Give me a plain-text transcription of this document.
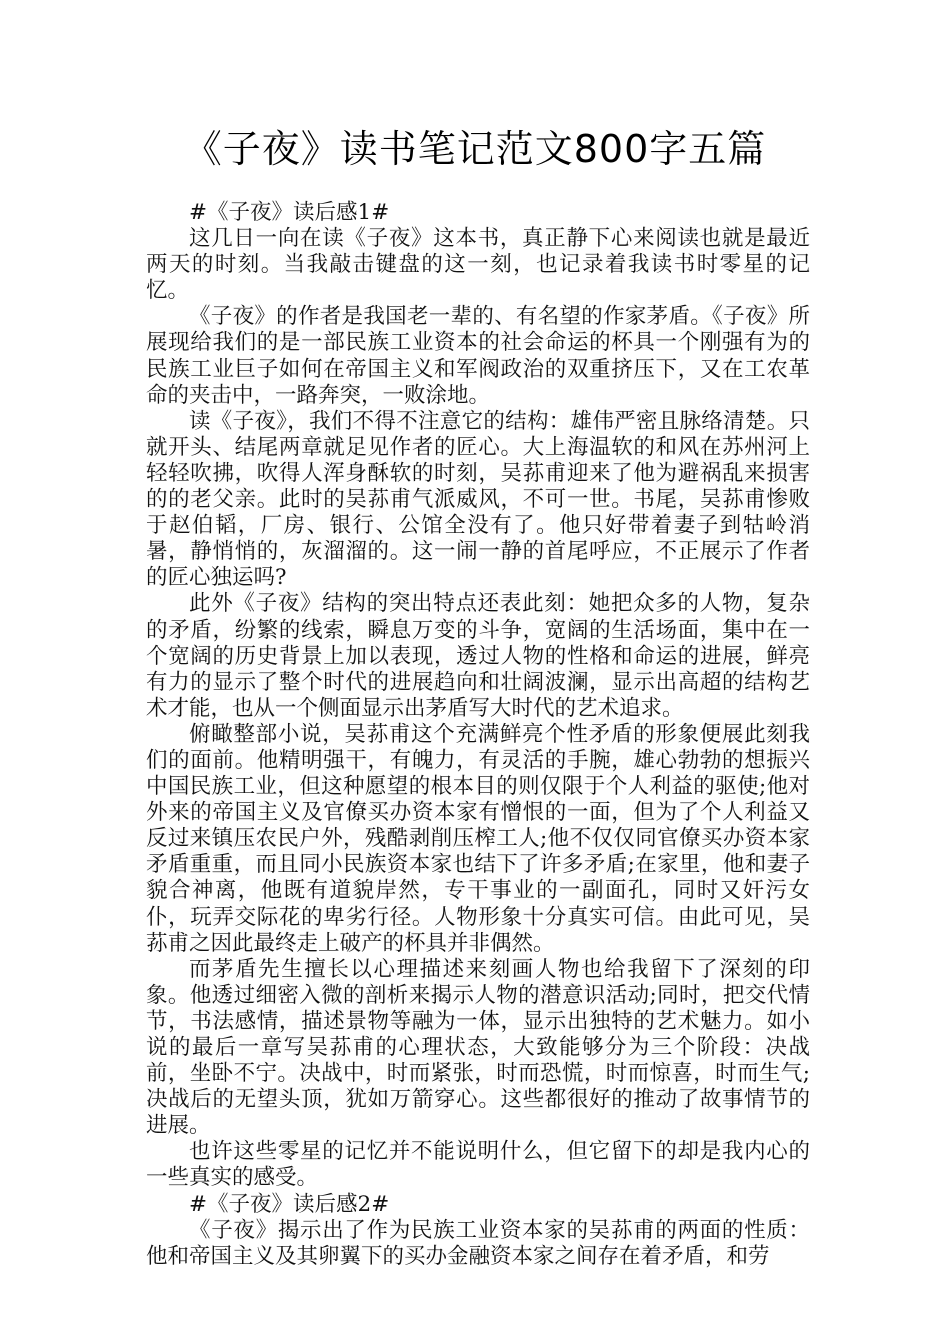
《子夜》读书笔记范文800字五篇

#《子夜》读后感1#

这几日一向在读《子夜》这本书，真正静下心来阅读也就是最近两天的时刻。当我敲击键盘的这一刻，也记录着我读书时零星的记忆。

《子夜》的作者是我国老一辈的、有名望的作家茅盾。《子夜》所展现给我们的是一部民族工业资本的社会命运的杯具一个刚强有为的民族工业巨子如何在帝国主义和军阀政治的双重挤压下，又在工农革命的夹击中，一路奔突，一败涂地。

读《子夜》，我们不得不注意它的结构：雄伟严密且脉络清楚。只就开头、结尾两章就足见作者的匠心。大上海温软的和风在苏州河上轻轻吹拂，吹得人浑身酥软的时刻，吴荪甫迎来了他为避祸乱来损害的的老父亲。此时的吴荪甫气派威风，不可一世。书尾，吴荪甫惨败于赵伯韬，厂房、银行、公馆全没有了。他只好带着妻子到牯岭消暑，静悄悄的，灰溜溜的。这一闹一静的首尾呼应，不正展示了作者的匠心独运吗?

此外《子夜》结构的突出特点还表此刻：她把众多的人物，复杂的矛盾，纷繁的线索，瞬息万变的斗争，宽阔的生活场面，集中在一个宽阔的历史背景上加以表现，透过人物的性格和命运的进展，鲜亮有力的显示了整个时代的进展趋向和壮阔波澜，显示出高超的结构艺术才能，也从一个侧面显示出茅盾写大时代的艺术追求。

俯瞰整部小说，吴荪甫这个充满鲜亮个性矛盾的形象便展此刻我们的面前。他精明强干，有魄力，有灵活的手腕，雄心勃勃的想振兴中国民族工业，但这种愿望的根本目的则仅限于个人利益的驱使;他对外来的帝国主义及官僚买办资本家有憎恨的一面，但为了个人利益又反过来镇压农民户外，残酷剥削压榨工人;他不仅仅同官僚买办资本家矛盾重重，而且同小民族资本家也结下了许多矛盾;在家里，他和妻子貌合神离，他既有道貌岸然，专干事业的一副面孔，同时又奸污女仆，玩弄交际花的卑劣行径。人物形象十分真实可信。由此可见，吴荪甫之因此最终走上破产的杯具并非偶然。

而茅盾先生擅长以心理描述来刻画人物也给我留下了深刻的印象。他透过细密入微的剖析来揭示人物的潜意识活动;同时，把交代情节，书法感情，描述景物等融为一体，显示出独特的艺术魅力。如小说的最后一章写吴荪甫的心理状态，大致能够分为三个阶段：决战前，坐卧不宁。决战中，时而紧张，时而恐慌，时而惊喜，时而生气;决战后的无望头顶，犹如万箭穿心。这些都很好的推动了故事情节的进展。

也许这些零星的记忆并不能说明什么，但它留下的却是我内心的一些真实的感受。

#《子夜》读后感2#

《子夜》揭示出了作为民族工业资本家的吴荪甫的两面的性质：他和帝国主义及其卵翼下的买办金融资本家之间存在着矛盾，和劳
